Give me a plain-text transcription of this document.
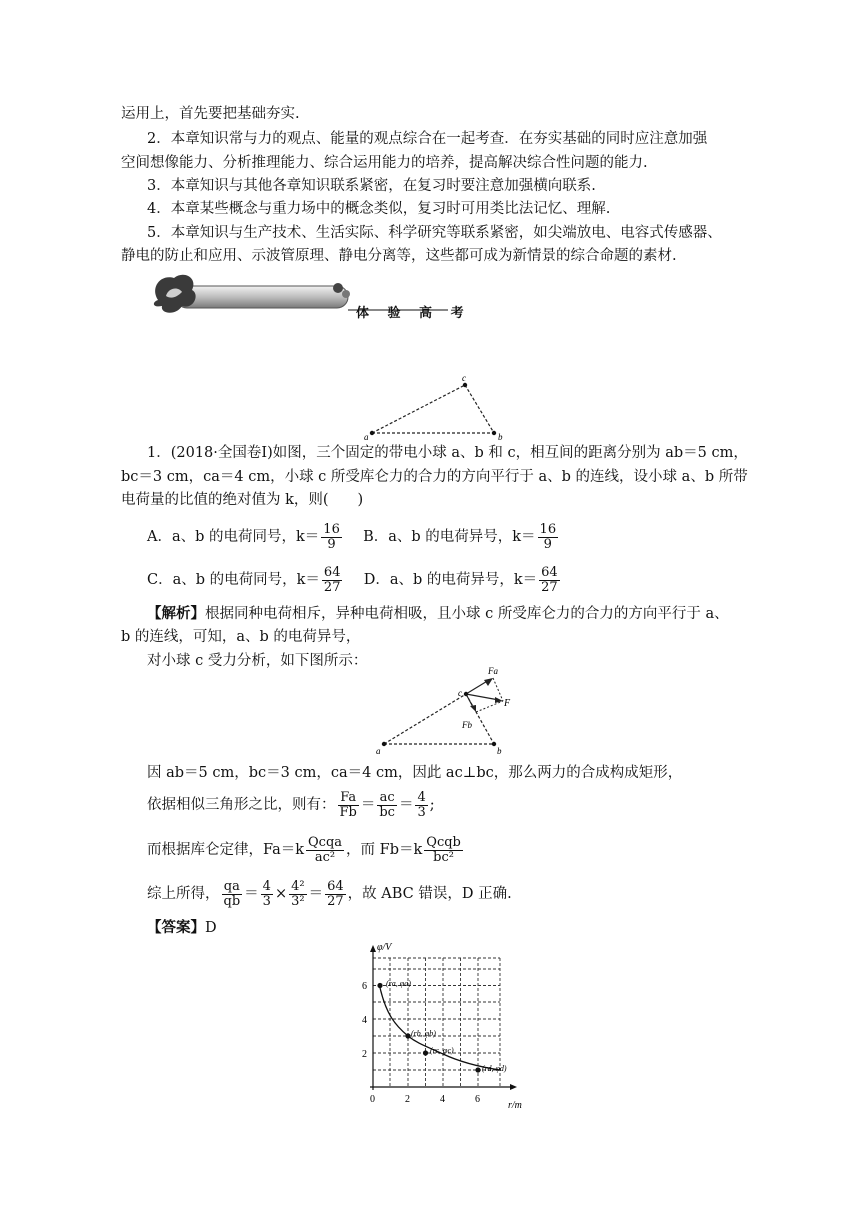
运用上，首先要把基础夯实.
2．本章知识常与力的观点、能量的观点综合在一起考查．在夯实基础的同时应注意加强
空间想像能力、分析推理能力、综合运用能力的培养，提高解决综合性问题的能力.
3．本章知识与其他各章知识联系紧密，在复习时要注意加强横向联系.
4．本章某些概念与重力场中的概念类似，复习时可用类比法记忆、理解.
5．本章知识与生产技术、生活实际、科学研究等联系紧密，如尖端放电、电容式传感器、
静电的防止和应用、示波管原理、静电分离等，这些都可成为新情景的综合命题的素材.
体 验 高 考
a
c
b
1．(2018·全国卷Ⅰ)如图，三个固定的带电小球 a、b 和 c，相互间的距离分别为 ab＝5 cm，
bc＝3 cm，ca＝4 cm，小球 c 所受库仑力的合力的方向平行于 a、b 的连线，设小球 a、b 所带
电荷量的比值的绝对值为 k，则(　　)
A．a、b 的电荷同号，$k= \frac{16}{9}$ B．a、b 的电荷异号，$k= \frac{16}{9}$
C．a、b 的电荷同号，$k= \frac{64}{27}$ D．a、b 的电荷异号，$k= \frac{64}{27}$
【解析】根据同种电荷相斥，异种电荷相吸，且小球 c 所受库仑力的合力的方向平行于 a、
b 的连线，可知，a、b 的电荷异号，
对小球 c 受力分析，如下图所示：
a
c
b
Fa
F
Fb
因 ab＝5 cm，bc＝3 cm，ca＝4 cm，因此 ac⊥bc，那么两力的合成构成矩形，
依据相似三角形之比，则有： $\frac{Fa}{Fb} = \frac{ac}{bc} = \frac{4}{3}$ ;
而根据库仑定律，$Fa=k \frac{\text{Qcqa}}{\text{ac²}}$ ，而 $Fb=k \frac{\text{Qcqb}}{\text{bc²}}$
综上所得， $\frac{qa}{qb} = \frac{4}{3} \times \frac{\text{4²}}{\text{3²}} = \frac{64}{27}$ ，故 ABC 错误，D 正确.
【答案】D
φ/V
r/m
2
4
6
0	2	4	6
(ra, φa)
(rb, φb)
(rc, φc)
(rd, φd)
